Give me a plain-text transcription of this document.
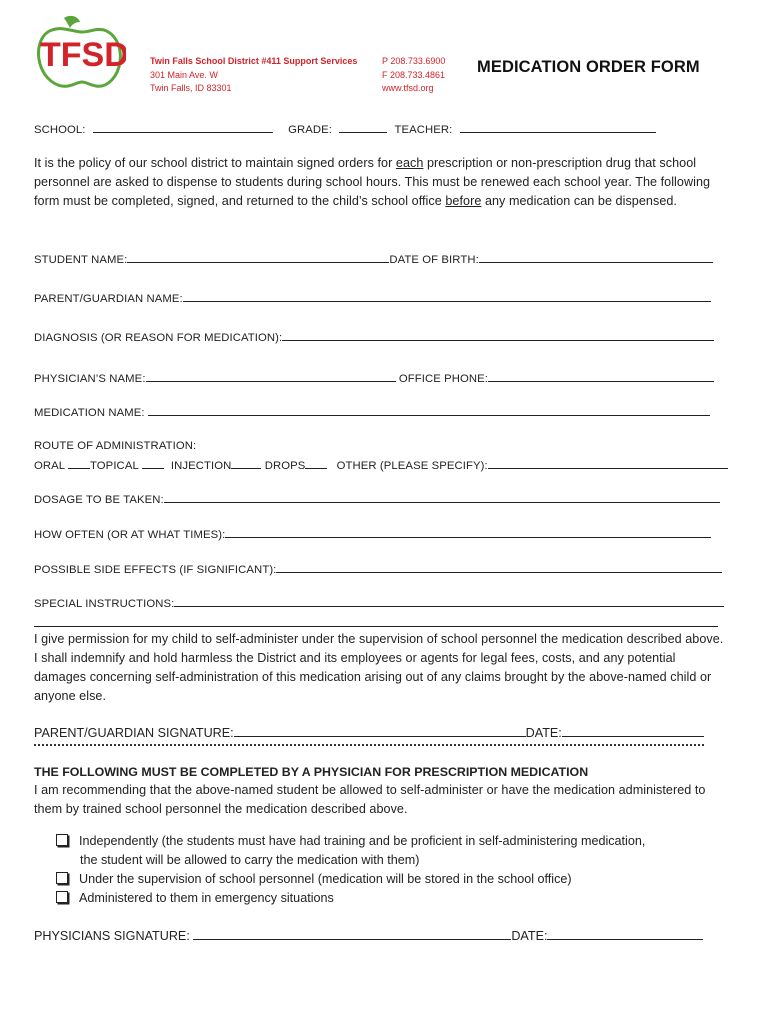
TFSD Twin Falls School District #411 Support Services
301 Main Ave. W
Twin Falls, ID 83301
P 208.733.6900
F 208.733.4861
www.tfsd.org
MEDICATION ORDER FORM
SCHOOL:	GRADE:	TEACHER:
It is the policy of our school district to maintain signed orders for each prescription or non-prescription drug that school personnel are asked to dispense to students during school hours. This must be renewed each school year. The following form must be completed, signed, and returned to the child’s school office before any medication can be dispensed.
STUDENT NAME:	DATE OF BIRTH:
PARENT/GUARDIAN NAME:
DIAGNOSIS (OR REASON FOR MEDICATION):
PHYSICIAN’S NAME:	OFFICE PHONE:
MEDICATION NAME:
ROUTE OF ADMINISTRATION:
ORAL TOPICAL	INJECTION	DROPS	OTHER (PLEASE SPECIFY):
DOSAGE TO BE TAKEN:
HOW OFTEN (OR AT WHAT TIMES):
POSSIBLE SIDE EFFECTS (IF SIGNIFICANT):
SPECIAL INSTRUCTIONS:
I give permission for my child to self-administer under the supervision of school personnel the medication described above. I shall indemnify and hold harmless the District and its employees or agents for legal fees, costs, and any potential damages concerning self-administration of this medication arising out of any claims brought by the above-named child or anyone else.
PARENT/GUARDIAN SIGNATURE:	DATE:
THE FOLLOWING MUST BE COMPLETED BY A PHYSICIAN FOR PRESCRIPTION MEDICATION
I am recommending that the above-named student be allowed to self-administer or have the medication administered to them by trained school personnel the medication described above.
Independently (the students must have had training and be proficient in self-administering medication,
the student will be allowed to carry the medication with them)
Under the supervision of school personnel (medication will be stored in the school office)
Administered to them in emergency situations
PHYSICIANS SIGNATURE:	DATE:
